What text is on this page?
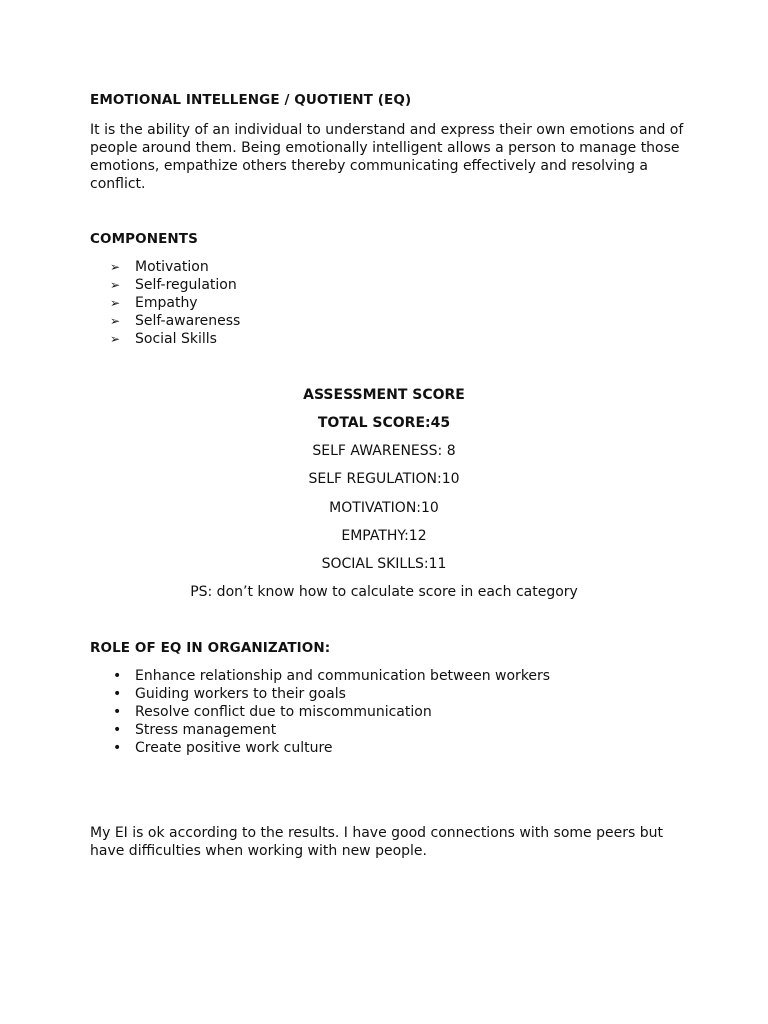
EMOTIONAL INTELLENGE / QUOTIENT (EQ)
It is the ability of an individual to understand and express their own emotions and of
people around them. Being emotionally intelligent allows a person to manage those
emotions, empathize others thereby communicating effectively and resolving a
conflict.
COMPONENTS
➢	Motivation
➢	Self-regulation
➢	Empathy
➢	Self-awareness
➢	Social Skills
ASSESSMENT SCORE
TOTAL SCORE:45
SELF AWARENESS: 8
SELF REGULATION:10
MOTIVATION:10
EMPATHY:12
SOCIAL SKILLS:11
PS: don’t know how to calculate score in each category
ROLE OF EQ IN ORGANIZATION:
• Enhance relationship and communication between workers
• Guiding workers to their goals
• Resolve conflict due to miscommunication
• Stress management
• Create positive work culture
My EI is ok according to the results. I have good connections with some peers but
have difficulties when working with new people.
